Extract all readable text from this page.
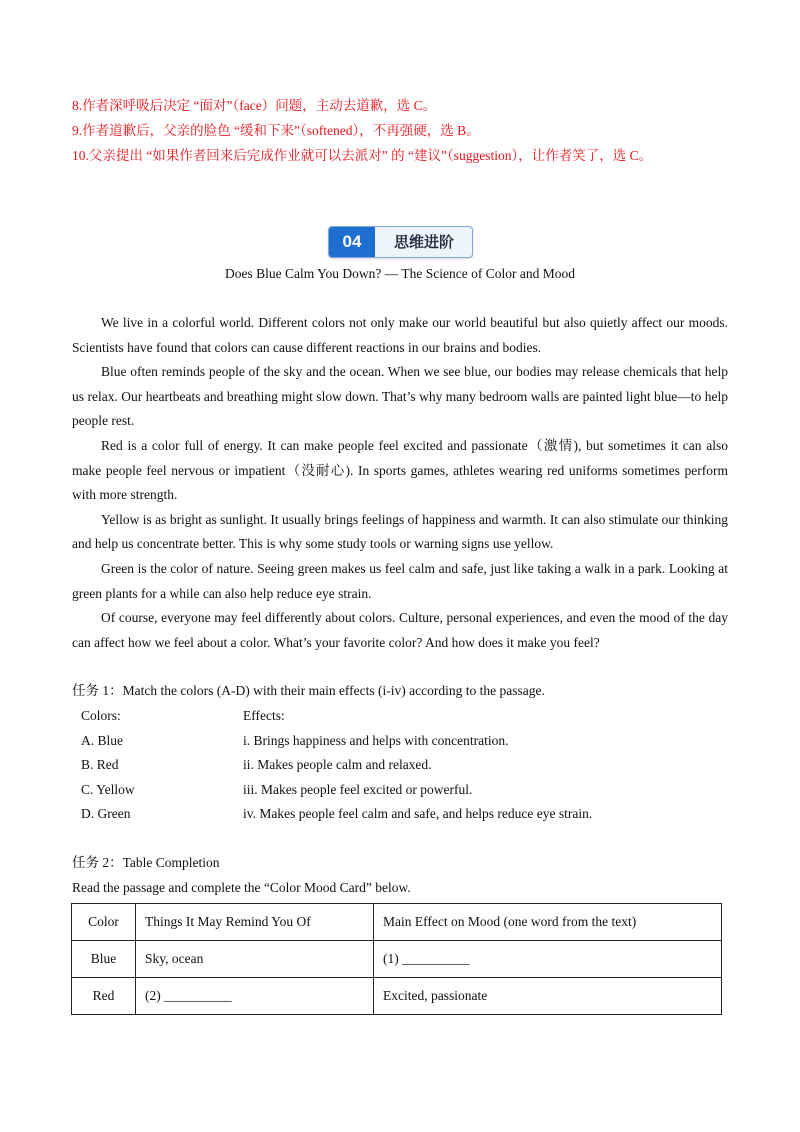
8.作者深呼吸后决定 “面对”（face）问题，主动去道歉，选 C。
9.作者道歉后，父亲的脸色 “缓和下来”（softened），不再强硬，选 B。
10.父亲提出 “如果作者回来后完成作业就可以去派对” 的 “建议”（suggestion），让作者笑了，选 C。
04	思维进阶
Does Blue Calm You Down? — The Science of Color and Mood

We live in a colorful world. Different colors not only make our world beautiful but also quietly affect our moods. Scientists have found that colors can cause different reactions in our brains and bodies.

Blue often reminds people of the sky and the ocean. When we see blue, our bodies may release chemicals that help us relax. Our heartbeats and breathing might slow down. That’s why many bedroom walls are painted light blue—to help people rest.

Red is a color full of energy. It can make people feel excited and passionate（激情), but sometimes it can also make people feel nervous or impatient（没耐心). In sports games, athletes wearing red uniforms sometimes perform with more strength.

Yellow is as bright as sunlight. It usually brings feelings of happiness and warmth. It can also stimulate our thinking and help us concentrate better. This is why some study tools or warning signs use yellow.

Green is the color of nature. Seeing green makes us feel calm and safe, just like taking a walk in a park. Looking at green plants for a while can also help reduce eye strain.

Of course, everyone may feel differently about colors. Culture, personal experiences, and even the mood of the day can affect how we feel about a color. What’s your favorite color? And how does it make you feel?

任务 1：Match the colors (A-D) with their main effects (i-iv) according to the passage.
Colors:	Effects:
A. Blue	i. Brings happiness and helps with concentration.
B. Red	ii. Makes people calm and relaxed.
C. Yellow	iii. Makes people feel excited or powerful.
D. Green	iv. Makes people feel calm and safe, and helps reduce eye strain.
任务 2：Table Completion
Read the passage and complete the “Color Mood Card” below.
Color	Things It May Remind You Of	Main Effect on Mood (one word from the text)
Blue	Sky, ocean	(1) __________
Red	(2) __________	Excited, passionate
